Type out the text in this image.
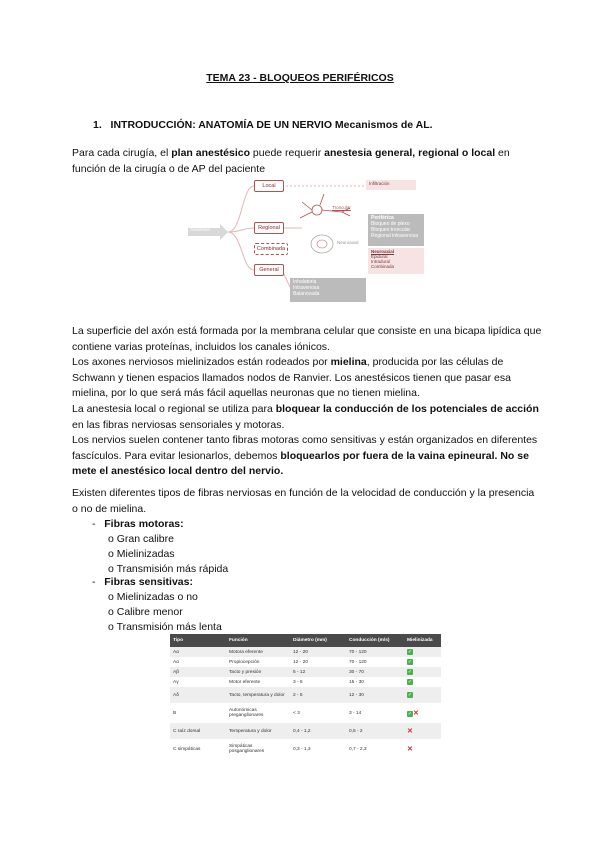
TEMA 23 - BLOQUEOS PERIFÉRICOS
1. INTRODUCCIÓN: ANATOMÍA DE UN NERVIO Mecanismos de AL.
Para cada cirugía, el plan anestésico puede requerir anestesia general, regional o local en función de la cirugía o de AP del paciente
Local
Regional
Combinada
General
Anestesia
Infiltración
Troncular
Neuroaxial
Periférica
Bloqueo de plexo
Bloqueo troncular
Regional intravenosa
Neuroaxial
Epidural
Intradural
Combinada
Inhalatoria
Intravenosa
Balanceada
La superficie del axón está formada por la membrana celular que consiste en una bicapa lipídica que contiene varias proteínas, incluidos los canales iónicos.
Los axones nerviosos mielinizados están rodeados por mielina, producida por las células de Schwann y tienen espacios llamados nodos de Ranvier. Los anestésicos tienen que pasar esa mielina, por lo que será más fácil aquellas neuronas que no tienen mielina.
La anestesia local o regional se utiliza para bloquear la conducción de los potenciales de acción en las fibras nerviosas sensoriales y motoras.
Los nervios suelen contener tanto fibras motoras como sensitivas y están organizados en diferentes fascículos. Para evitar lesionarlos, debemos bloquearlos por fuera de la vaina epineural. No se mete el anestésico local dentro del nervio.
Existen diferentes tipos de fibras nerviosas en función de la velocidad de conducción y la presencia o no de mielina.
- Fibras motoras:
o Gran calibre
o Mielinizadas
o Transmisión más rápida
- Fibras sensitivas:
o Mielinizadas o no
o Calibre menor
o Transmisión más lenta
Tipo	Función	Diámetro (mm)	Conducción (m/s)	Mielinizada
Aα	Motora eferente	12 - 20	70 - 120	✓
Aα	Propiocepción	12 - 20	70 - 120	✓
Aβ	Tacto y presión	5 - 12	30 - 70	✓
Aγ	Motor eferente	3 - 6	15 - 30	✓
Aδ	Tacto, temperatura y dolor	2 - 5	12 - 30	✓
B	Autonómicas preganglionares	< 3	3 - 14	✓✕
C raíz dorsal	Temperatura y dolor	0,4 - 1,2	0,5 - 2	✕
C simpáticas	Simpáticas posganglionares	0,3 - 1,3	0,7 - 2,3	✕
